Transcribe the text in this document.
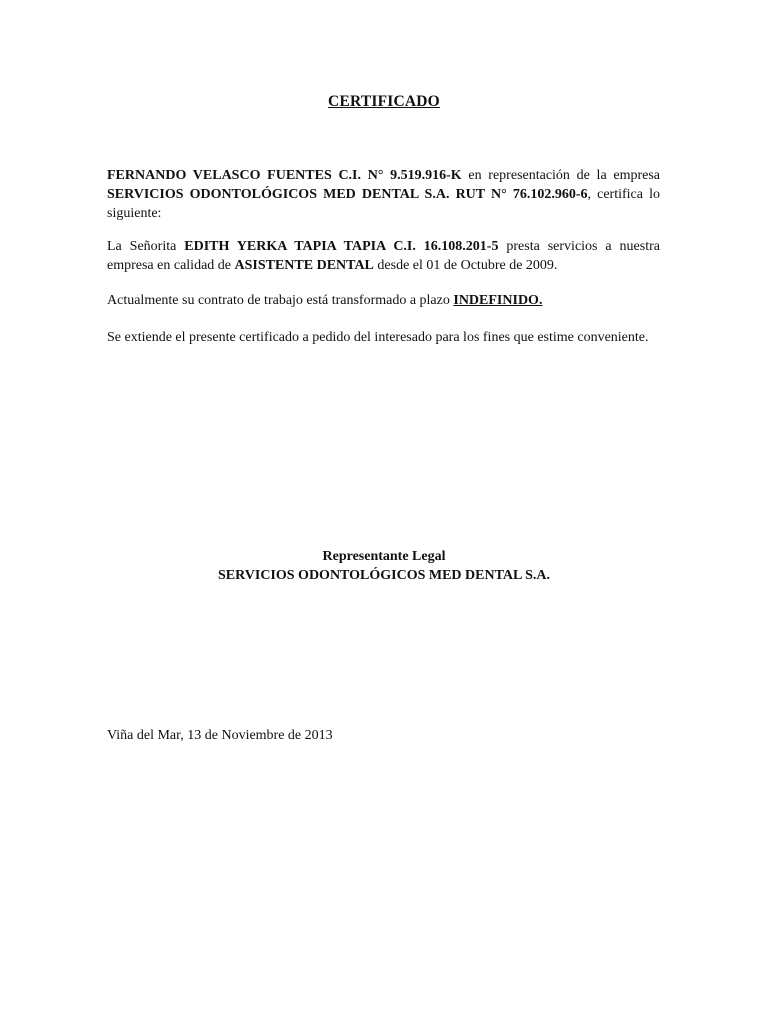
CERTIFICADO
FERNANDO VELASCO FUENTES C.I. N° 9.519.916-K en representación de la empresa SERVICIOS ODONTOLÓGICOS MED DENTAL S.A. RUT N° 76.102.960-6, certifica lo siguiente:
La Señorita EDITH YERKA TAPIA TAPIA C.I. 16.108.201-5 presta servicios a nuestra empresa en calidad de ASISTENTE DENTAL desde el 01 de Octubre de 2009.
Actualmente su contrato de trabajo está transformado a plazo INDEFINIDO.
Se extiende el presente certificado a pedido del interesado para los fines que estime conveniente.
Representante Legal
SERVICIOS ODONTOLÓGICOS MED DENTAL S.A.
Viña del Mar, 13 de Noviembre de 2013
